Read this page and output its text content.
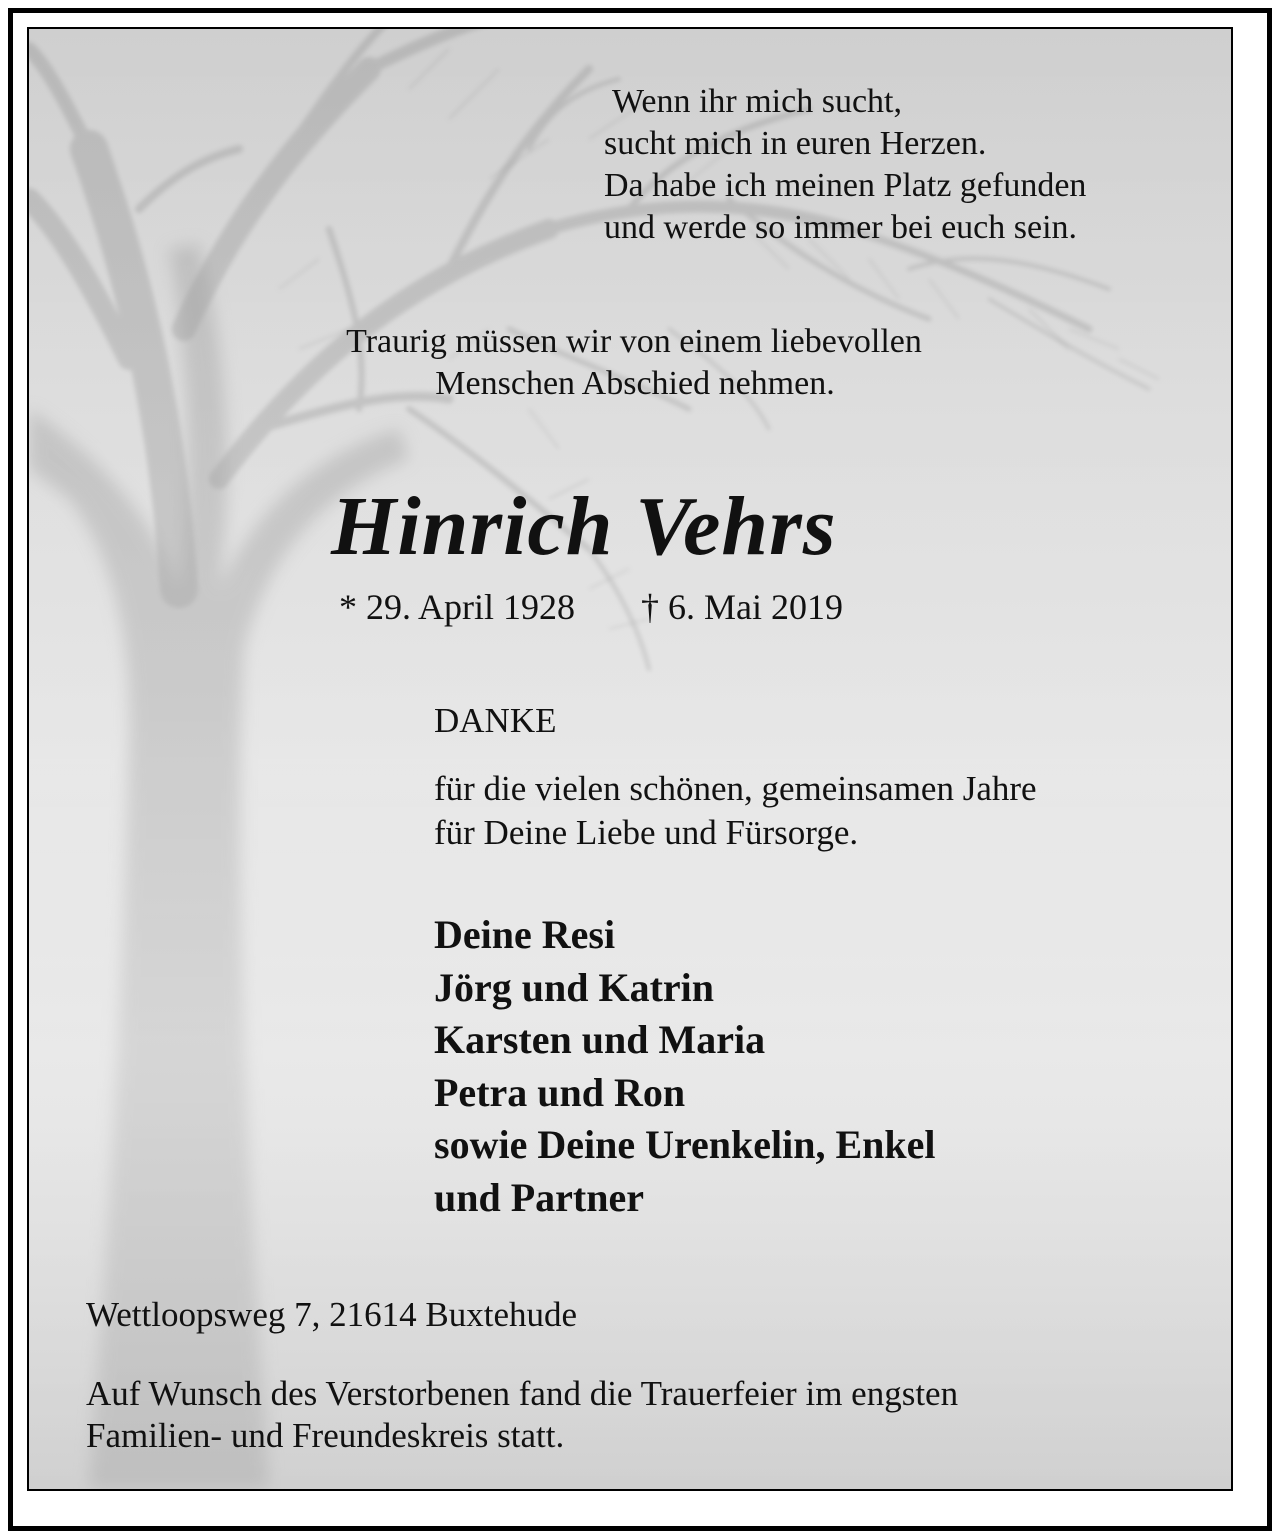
Wenn ihr mich sucht,
sucht mich in euren Herzen.
Da habe ich meinen Platz gefunden
und werde so immer bei euch sein.
Traurig müssen wir von einem liebevollen
Menschen Abschied nehmen.
Hinrich Vehrs
* 29. April 1928 † 6. Mai 2019
DANKE
für die vielen schönen, gemeinsamen Jahre
für Deine Liebe und Fürsorge.
Deine Resi
Jörg und Katrin
Karsten und Maria
Petra und Ron
sowie Deine Urenkelin, Enkel
und Partner
Wettloopsweg 7, 21614 Buxtehude
Auf Wunsch des Verstorbenen fand die Trauerfeier im engsten
Familien- und Freundeskreis statt.
